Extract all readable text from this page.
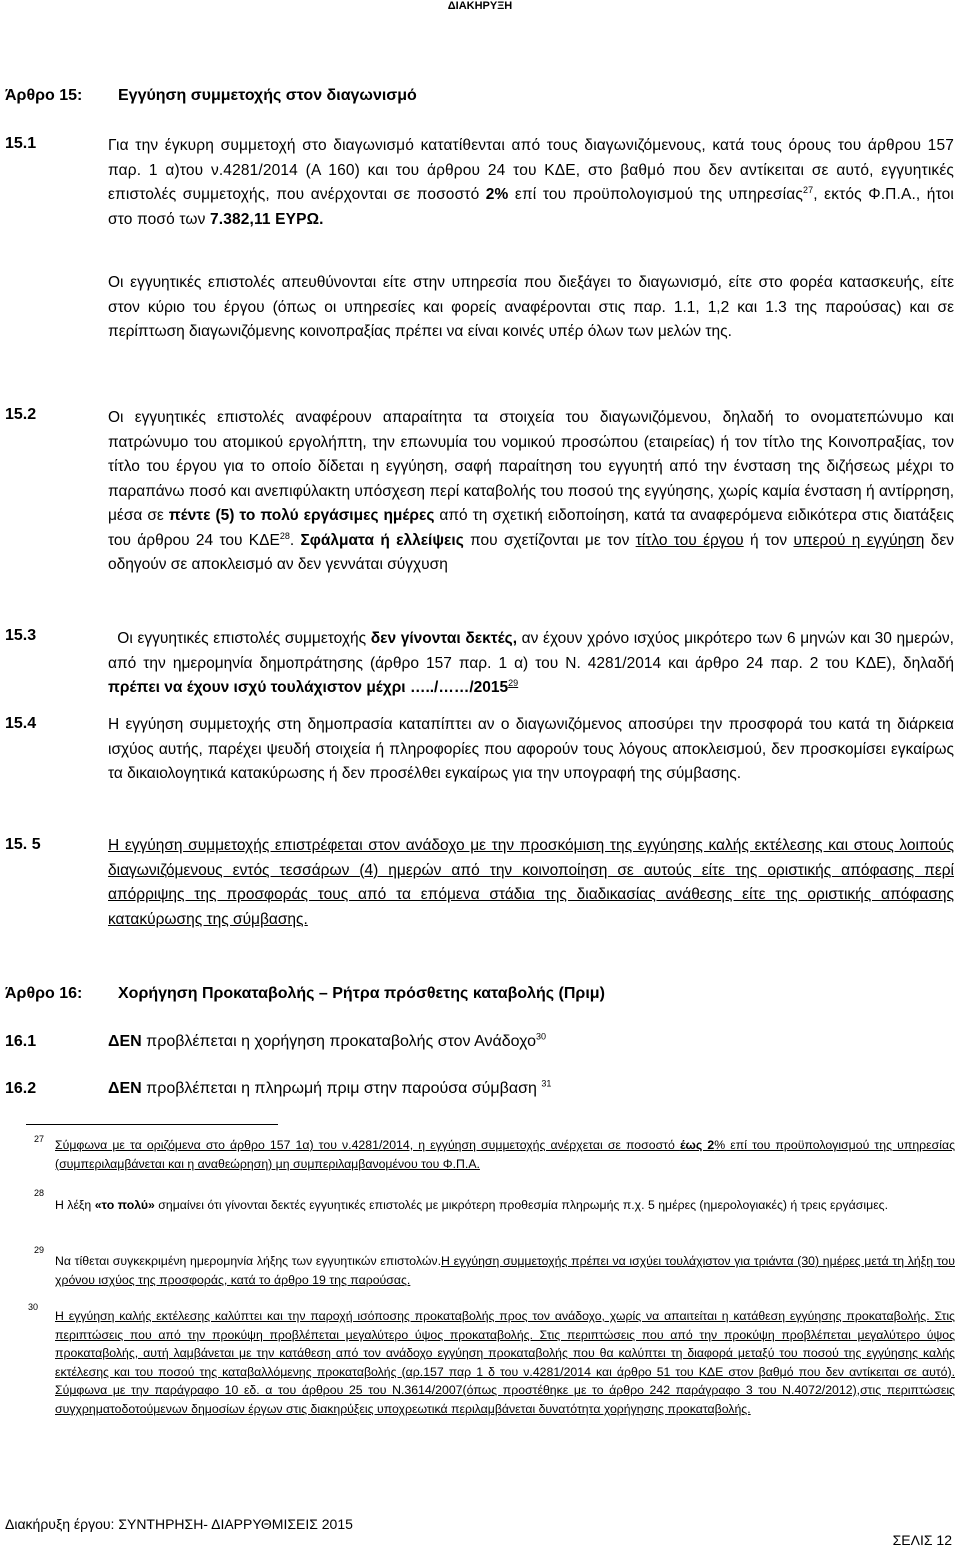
ΔΙΑΚΗΡΥΞΗ
Άρθρο 15: Εγγύηση συμμετοχής στον διαγωνισμό
15.1	Για την έγκυρη συμμετοχή στο διαγωνισμό κατατίθενται από τους διαγωνιζόμενους, κατά τους όρους του άρθρου 157 παρ. 1 α)του ν.4281/2014 (Α 160) και του άρθρου 24 του ΚΔΕ, στο βαθμό που δεν αντίκειται σε αυτό, εγγυητικές επιστολές συμμετοχής, που ανέρχονται σε ποσοστό 2% επί του προϋπολογισμού της υπηρεσίας$^{27}$, εκτός Φ.Π.Α., ήτοι στο ποσό των 7.382,11 ΕΥΡΩ.
Οι εγγυητικές επιστολές απευθύνονται είτε στην υπηρεσία που διεξάγει το διαγωνισμό, είτε στο φορέα κατασκευής, είτε στον κύριο του έργου (όπως οι υπηρεσίες και φορείς αναφέρονται στις παρ. 1.1, 1,2 και 1.3 της παρούσας) και σε περίπτωση διαγωνιζόμενης κοινοπραξίας πρέπει να είναι κοινές υπέρ όλων των μελών της.
15.2	Οι εγγυητικές επιστολές αναφέρουν απαραίτητα τα στοιχεία του διαγωνιζόμενου, δηλαδή το ονοματεπώνυμο και πατρώνυμο του ατομικού εργολήπτη, την επωνυμία του νομικού προσώπου (εταιρείας) ή τον τίτλο της Κοινοπραξίας, τον τίτλο του έργου για το οποίο δίδεται η εγγύηση, σαφή παραίτηση του εγγυητή από την ένσταση της διζήσεως μέχρι το παραπάνω ποσό και ανεπιφύλακτη υπόσχεση περί καταβολής του ποσού της εγγύησης, χωρίς καμία ένσταση ή αντίρρηση, μέσα σε πέντε (5) το πολύ εργάσιμες ημέρες από τη σχετική ειδοποίηση, κατά τα αναφερόμενα ειδικότερα στις διατάξεις του άρθρου 24 του ΚΔΕ$^{28}$. Σφάλματα ή ελλείψεις που σχετίζονται με τον τίτλο του έργου ή τον υπερού η εγγύηση δεν οδηγούν σε αποκλεισμό αν δεν γεννάται σύγχυση
15.3	Οι εγγυητικές επιστολές συμμετοχής δεν γίνονται δεκτές, αν έχουν χρόνο ισχύος μικρότερο των 6 μηνών και 30 ημερών, από την ημερομηνία δημοπράτησης (άρθρο 157 παρ. 1 α) του Ν. 4281/2014 και άρθρο 24 παρ. 2 του ΚΔΕ), δηλαδή πρέπει να έχουν ισχύ τουλάχιστον μέχρι …../……/2015$^{29}$
15.4	Η εγγύηση συμμετοχής στη δημοπρασία καταπίπτει αν ο διαγωνιζόμενος αποσύρει την προσφορά του κατά τη διάρκεια ισχύος αυτής, παρέχει ψευδή στοιχεία ή πληροφορίες που αφορούν τους λόγους αποκλεισμού, δεν προσκομίσει εγκαίρως τα δικαιολογητικά κατακύρωσης ή δεν προσέλθει εγκαίρως για την υπογραφή της σύμβασης.
15. 5	Η εγγύηση συμμετοχής επιστρέφεται στον ανάδοχο με την προσκόμιση της εγγύησης καλής εκτέλεσης και στους λοιπούς διαγωνιζόμενους εντός τεσσάρων (4) ημερών από την κοινοποίηση σε αυτούς είτε της οριστικής απόφασης περί απόρριψης της προσφοράς τους από τα επόμενα στάδια της διαδικασίας ανάθεσης είτε της οριστικής απόφασης κατακύρωσης της σύμβασης.
Άρθρο 16: Χορήγηση Προκαταβολής – Ρήτρα πρόσθετης καταβολής (Πριμ)
16.1	ΔΕΝ προβλέπεται η χορήγηση προκαταβολής στον Ανάδοχο$^{30}$
16.2	ΔΕΝ προβλέπεται η πληρωμή πριμ στην παρούσα σύμβαση $^{31}$
27 Σύμφωνα με τα οριζόμενα στο άρθρο 157 1α) του ν.4281/2014, η εγγύηση συμμετοχής ανέρχεται σε ποσοστό έως 2% επί του προϋπολογισμού της υπηρεσίας (συμπεριλαμβάνεται και η αναθεώρηση) μη συμπεριλαμβανομένου του Φ.Π.Α.
28
Η λέξη «το πολύ» σημαίνει ότι γίνονται δεκτές εγγυητικές επιστολές με μικρότερη προθεσμία πληρωμής π.χ. 5 ημέρες (ημερολογιακές) ή τρεις εργάσιμες.
29
Να τίθεται συγκεκριμένη ημερομηνία λήξης των εγγυητικών επιστολών.Η εγγύηση συμμετοχής πρέπει να ισχύει τουλάχιστον για τριάντα (30) ημέρες μετά τη λήξη του χρόνου ισχύος της προσφοράς, κατά το άρθρο 19 της παρούσας.
30
Η εγγύηση καλής εκτέλεσης καλύπτει και την παροχή ισόποσης προκαταβολής προς τον ανάδοχο, χωρίς να απαιτείται η κατάθεση εγγύησης προκαταβολής. Στις περιπτώσεις που από την προκύψη προβλέπεται μεγαλύτερο ύψος προκαταβολής. Στις περιπτώσεις που από την προκύψη προβλέπεται μεγαλύτερο ύψος προκαταβολής, αυτή λαμβάνεται με την κατάθεση από τον ανάδοχο εγγύηση προκαταβολής που θα καλύπτει τη διαφορά μεταξύ του ποσού της εγγύησης καλής εκτέλεσης και του ποσού της καταβαλλόμενης προκαταβολής (αρ.157 παρ 1 δ του ν.4281/2014 και άρθρο 51 του ΚΔΕ στον βαθμό που δεν αντίκειται σε αυτό). Σύμφωνα με την παράγραφο 10 εδ. α του άρθρου 25 του Ν.3614/2007(όπως προστέθηκε με το άρθρο 242 παράγραφο 3 του Ν.4072/2012),στις περιπτώσεις συγχρηματοδοτούμενων δημοσίων έργων στις διακηρύξεις υποχρεωτικά περιλαμβάνεται δυνατότητα χορήγησης προκαταβολής.
Διακήρυξη έργου: ΣΥΝΤΗΡΗΣΗ- ΔΙΑΡΡΥΘΜΙΣΕΙΣ 2015
ΣΕΛΙΣ 12
